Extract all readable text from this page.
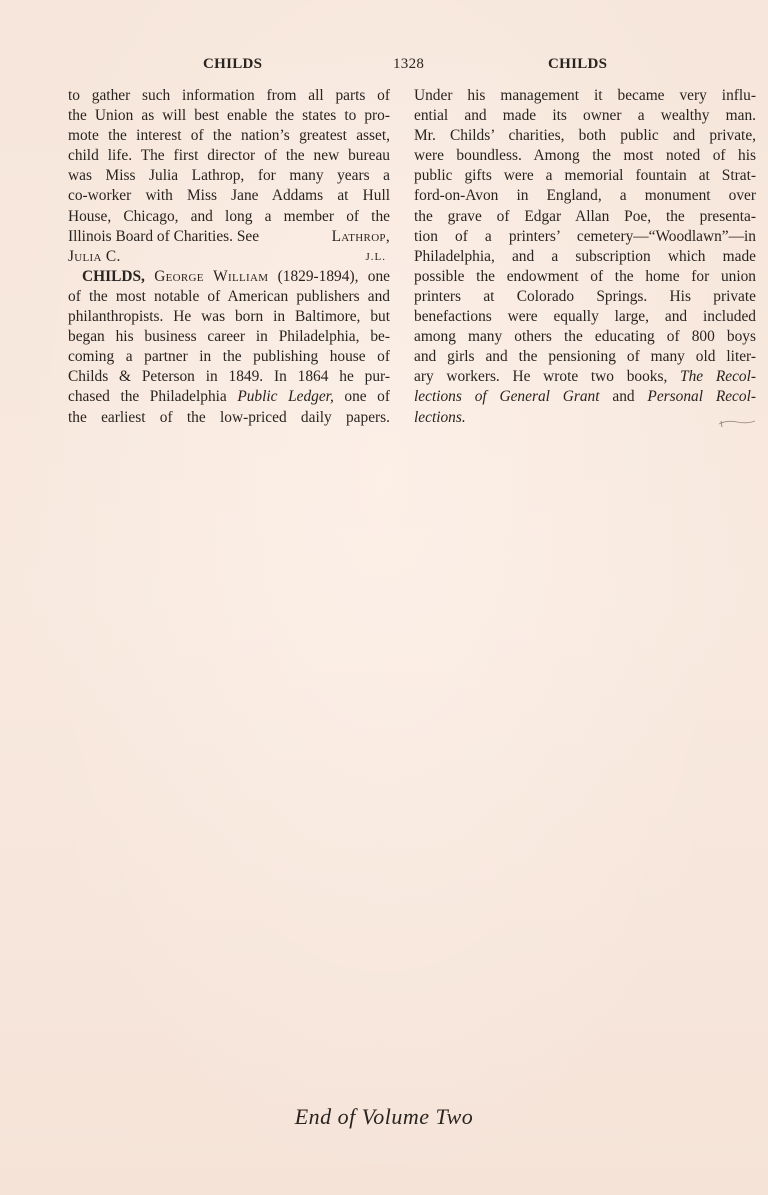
CHILDS	1328	CHILDS
to gather such information from all parts of
the Union as will best enable the states to pro-
mote the interest of the nation’s greatest asset,
child life. The first director of the new bureau
was Miss Julia Lathrop, for many years a
co-worker with Miss Jane Addams at Hull
House, Chicago, and long a member of the
Illinois Board of Charities. See	Lathrop,
Julia C.	J.L.
CHILDS, George William (1829-1894), one
of the most notable of American publishers and
philanthropists. He was born in Baltimore, but
began his business career in Philadelphia, be-
coming a partner in the publishing house of
Childs & Peterson in 1849. In 1864 he pur-
chased the Philadelphia Public Ledger, one of
the earliest of the low-priced daily papers.
Under his management it became very influ-
ential and made its owner a wealthy man.
Mr. Childs’ charities, both public and private,
were boundless. Among the most noted of his
public gifts were a memorial fountain at Strat-
ford-on-Avon in England, a monument over
the grave of Edgar Allan Poe, the presenta-
tion of a printers’ cemetery—“Woodlawn”—in
Philadelphia, and a subscription which made
possible the endowment of the home for union
printers at Colorado Springs. His private
benefactions were equally large, and included
among many others the educating of 800 boys
and girls and the pensioning of many old liter-
ary workers. He wrote two books, The Recol-
lections of General Grant and Personal Recol-
lections.
End of Volume Two
